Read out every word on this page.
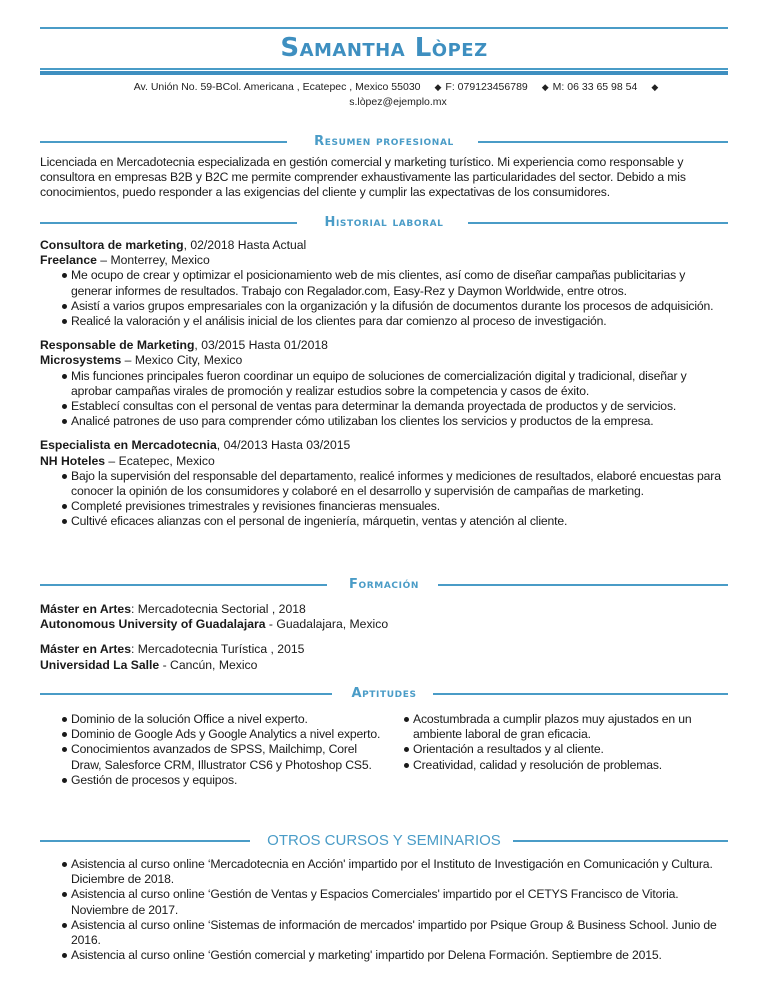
Samantha Lòpez
Av. Unión No. 59-BCol. Americana , Ecatepec , Mexico 55030 ◆ F: 079123456789 ◆ M: 06 33 65 98 54 ◆
s.lòpez@ejemplo.mx
Resumen profesional
Licenciada en Mercadotecnia especializada en gestión comercial y marketing turístico. Mi experiencia como responsable y consultora en empresas B2B y B2C me permite comprender exhaustivamente las particularidades del sector. Debido a mis conocimientos, puedo responder a las exigencias del cliente y cumplir las expectativas de los consumidores.
Historial laboral
Consultora de marketing, 02/2018 Hasta Actual
Freelance – Monterrey, Mexico
Me ocupo de crear y optimizar el posicionamiento web de mis clientes, así como de diseñar campañas publicitarias y generar informes de resultados. Trabajo con Regalador.com, Easy-Rez y Daymon Worldwide, entre otros.
Asistí a varios grupos empresariales con la organización y la difusión de documentos durante los procesos de adquisición.
Realicé la valoración y el análisis inicial de los clientes para dar comienzo al proceso de investigación.
Responsable de Marketing, 03/2015 Hasta 01/2018
Microsystems – Mexico City, Mexico
Mis funciones principales fueron coordinar un equipo de soluciones de comercialización digital y tradicional, diseñar y aprobar campañas virales de promoción y realizar estudios sobre la competencia y casos de éxito.
Establecí consultas con el personal de ventas para determinar la demanda proyectada de productos y de servicios.
Analicé patrones de uso para comprender cómo utilizaban los clientes los servicios y productos de la empresa.
Especialista en Mercadotecnia, 04/2013 Hasta 03/2015
NH Hoteles – Ecatepec, Mexico
Bajo la supervisión del responsable del departamento, realicé informes y mediciones de resultados, elaboré encuestas para conocer la opinión de los consumidores y colaboré en el desarrollo y supervisión de campañas de marketing.
Completé previsiones trimestrales y revisiones financieras mensuales.
Cultivé eficaces alianzas con el personal de ingeniería, márquetin, ventas y atención al cliente.
Formación
Máster en Artes: Mercadotecnia Sectorial , 2018
Autonomous University of Guadalajara - Guadalajara, Mexico
Máster en Artes: Mercadotecnia Turística , 2015
Universidad La Salle - Cancún, Mexico
Aptitudes
Dominio de la solución Office a nivel experto.
Dominio de Google Ads y Google Analytics a nivel experto.
Conocimientos avanzados de SPSS, Mailchimp, Corel Draw, Salesforce CRM, Illustrator CS6 y Photoshop CS5.
Gestión de procesos y equipos.
Acostumbrada a cumplir plazos muy ajustados en un ambiente laboral de gran eficacia.
Orientación a resultados y al cliente.
Creatividad, calidad y resolución de problemas.
OTROS CURSOS Y SEMINARIOS
Asistencia al curso online ‘Mercadotecnia en Acción' impartido por el Instituto de Investigación en Comunicación y Cultura. Diciembre de 2018.
Asistencia al curso online ‘Gestión de Ventas y Espacios Comerciales' impartido por el CETYS Francisco de Vitoria. Noviembre de 2017.
Asistencia al curso online ‘Sistemas de información de mercados' impartido por Psique Group & Business School. Junio de 2016.
Asistencia al curso online ‘Gestión comercial y marketing' impartido por Delena Formación. Septiembre de 2015.
